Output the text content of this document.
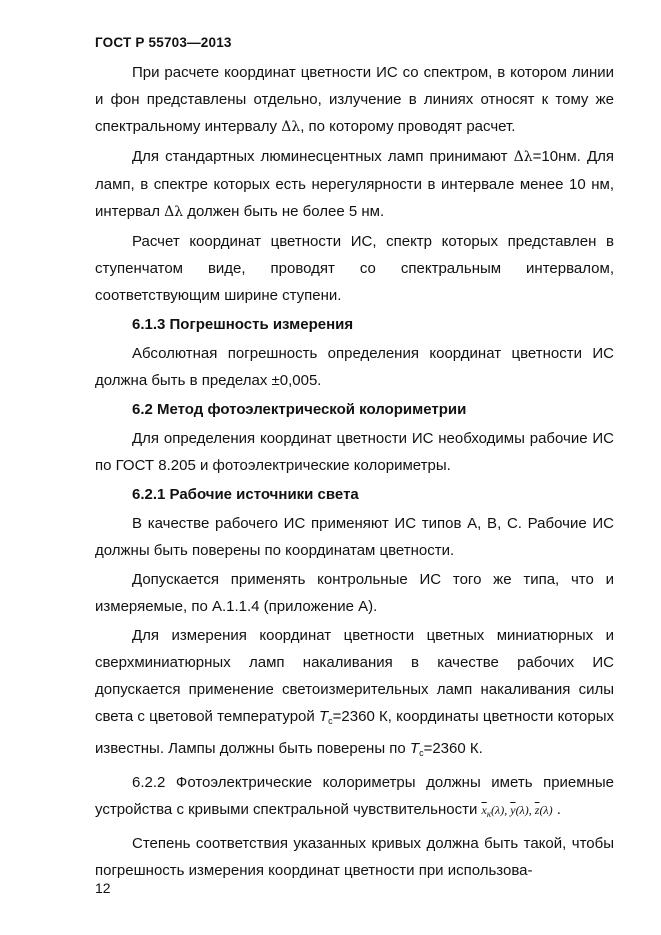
ГОСТ Р 55703—2013

При расчете координат цветности ИС со спектром, в котором линии и фон представлены отдельно, излучение в линиях относят к тому же спектральному интервалу Δλ, по которому проводят расчет.

Для стандартных люминесцентных ламп принимают Δλ=10нм. Для ламп, в спектре которых есть нерегулярности в интервале менее 10 нм, интервал Δλ должен быть не более 5 нм.

Расчет координат цветности ИС, спектр которых представлен в ступенчатом виде, проводят со спектральным интервалом, соответствующим ширине ступени.

6.1.3 Погрешность измерения

Абсолютная погрешность определения координат цветности ИС должна быть в пределах ±0,005.

6.2 Метод фотоэлектрической колориметрии

Для определения координат цветности ИС необходимы рабочие ИС по ГОСТ 8.205 и фотоэлектрические колориметры.

6.2.1 Рабочие источники света

В качестве рабочего ИС применяют ИС типов A, B, C. Рабочие ИС должны быть поверены по координатам цветности.

Допускается применять контрольные ИС того же типа, что и измеряемые, по А.1.1.4 (приложение А).

Для измерения координат цветности цветных миниатюрных и сверхминиатюрных ламп накаливания в качестве рабочих ИС допускается применение светоизмерительных ламп накаливания силы света с цветовой температурой $T_c=2360$ К, координаты цветности которых известны. Лампы должны быть поверены по $T_c=2360$ К.

6.2.2 Фотоэлектрические колориметры должны иметь приемные устройства с кривыми спектральной чувствительности $\overline{x}_к(\lambda)$, $\overline{y}(\lambda)$, $\overline{z}(\lambda)$ .

Степень соответствия указанных кривых должна быть такой, чтобы погрешность измерения координат цветности при использова-

12
